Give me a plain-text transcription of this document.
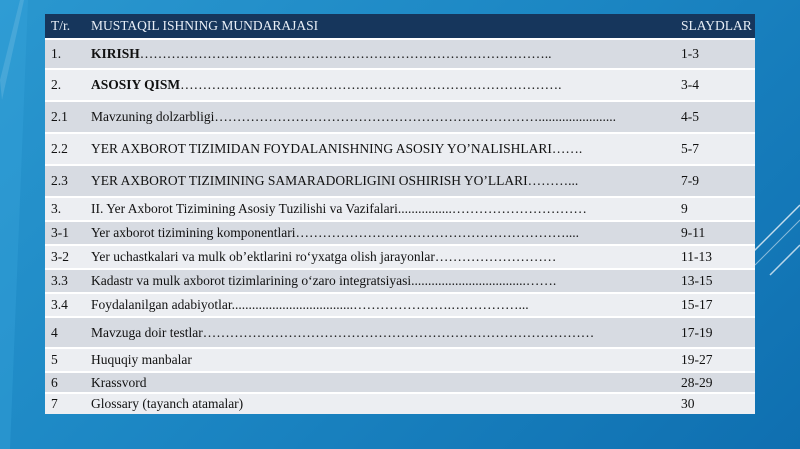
T/r.	MUSTAQIL ISHNING MUNDARAJASI	SLAYDLAR
1.	KIRISH………………………………………………………………………………..	1-3
2.	ASOSIY QISM………………………………………………………………………….	3-4
2.1	Mavzuning dolzarbligi……………………………………………………………….......................	4-5
2.2	YER AXBOROT TIZIMIDAN FOYDALANISHNING ASOSIY YO’NALISHLARI…….	5-7
2.3	YER AXBOROT TIZIMINING SAMARADORLIGINI OSHIRISH YO’LLARI………...	7-9
3.	II. Yer Axborot Tizimining Asosiy Tuzilishi va Vazifalari................…………………………	9
3-1	Yer axborot tizimining komponentlari……………………………………………………....	9-11
3-2	Yer uchastkalari va mulk ob’ektlarini ro‘yxatga olish jarayonlar………………………	11-13
3.3	Kadastr va mulk axborot tizimlarining o‘zaro integratsiyasi..................................…….	13-15
3.4	Foydalanilgan adabiyotlar....................................………………….……………...	15-17
4	Mavzuga doir testlar……………………………………………………………………………	17-19
5	Huquqiy manbalar	19-27
6	Krassvord	28-29
7	Glossary (tayanch atamalar)	30
